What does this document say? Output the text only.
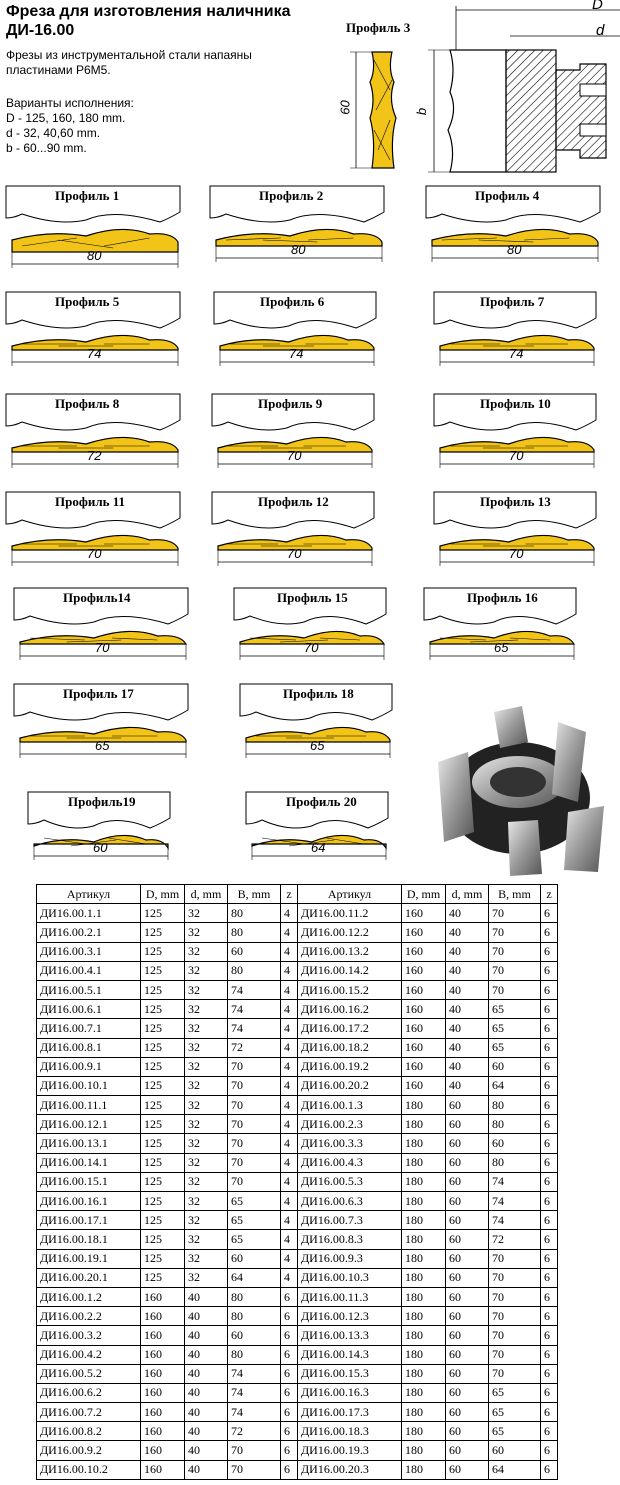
Фреза для изготовления наличника
ДИ-16.00
Фрезы из инструментальной стали напаяны
пластинами Р6М5.
Варианты исполнения:
D - 125, 160, 180 mm.
d - 32, 40,60 mm.
b - 60...90 mm.
Профиль 3
60	b
D
d
Профиль 1
80
Профиль 2
80
Профиль 4
80
Профиль 5
74
Профиль 6
74
Профиль 7
74
Профиль 8
72
Профиль 9
70
Профиль 10
70
Профиль 11
70
Профиль 12
70
Профиль 13
70
Профиль14
70
Профиль 15
70
Профиль 16
65
Профиль 17
65
Профиль 18
65
Профиль19
60
Профиль 20
64
Артикул	D, mm	d, mm	B, mm	z	Артикул	D, mm	d, mm	B, mm	z
ДИ16.00.1.1	125	32	80	4	ДИ16.00.11.2	160	40	70	6
ДИ16.00.2.1	125	32	80	4	ДИ16.00.12.2	160	40	70	6
ДИ16.00.3.1	125	32	60	4	ДИ16.00.13.2	160	40	70	6
ДИ16.00.4.1	125	32	80	4	ДИ16.00.14.2	160	40	70	6
ДИ16.00.5.1	125	32	74	4	ДИ16.00.15.2	160	40	70	6
ДИ16.00.6.1	125	32	74	4	ДИ16.00.16.2	160	40	65	6
ДИ16.00.7.1	125	32	74	4	ДИ16.00.17.2	160	40	65	6
ДИ16.00.8.1	125	32	72	4	ДИ16.00.18.2	160	40	65	6
ДИ16.00.9.1	125	32	70	4	ДИ16.00.19.2	160	40	60	6
ДИ16.00.10.1	125	32	70	4	ДИ16.00.20.2	160	40	64	6
ДИ16.00.11.1	125	32	70	4	ДИ16.00.1.3	180	60	80	6
ДИ16.00.12.1	125	32	70	4	ДИ16.00.2.3	180	60	80	6
ДИ16.00.13.1	125	32	70	4	ДИ16.00.3.3	180	60	60	6
ДИ16.00.14.1	125	32	70	4	ДИ16.00.4.3	180	60	80	6
ДИ16.00.15.1	125	32	70	4	ДИ16.00.5.3	180	60	74	6
ДИ16.00.16.1	125	32	65	4	ДИ16.00.6.3	180	60	74	6
ДИ16.00.17.1	125	32	65	4	ДИ16.00.7.3	180	60	74	6
ДИ16.00.18.1	125	32	65	4	ДИ16.00.8.3	180	60	72	6
ДИ16.00.19.1	125	32	60	4	ДИ16.00.9.3	180	60	70	6
ДИ16.00.20.1	125	32	64	4	ДИ16.00.10.3	180	60	70	6
ДИ16.00.1.2	160	40	80	6	ДИ16.00.11.3	180	60	70	6
ДИ16.00.2.2	160	40	80	6	ДИ16.00.12.3	180	60	70	6
ДИ16.00.3.2	160	40	60	6	ДИ16.00.13.3	180	60	70	6
ДИ16.00.4.2	160	40	80	6	ДИ16.00.14.3	180	60	70	6
ДИ16.00.5.2	160	40	74	6	ДИ16.00.15.3	180	60	70	6
ДИ16.00.6.2	160	40	74	6	ДИ16.00.16.3	180	60	65	6
ДИ16.00.7.2	160	40	74	6	ДИ16.00.17.3	180	60	65	6
ДИ16.00.8.2	160	40	72	6	ДИ16.00.18.3	180	60	65	6
ДИ16.00.9.2	160	40	70	6	ДИ16.00.19.3	180	60	60	6
ДИ16.00.10.2	160	40	70	6	ДИ16.00.20.3	180	60	64	6
